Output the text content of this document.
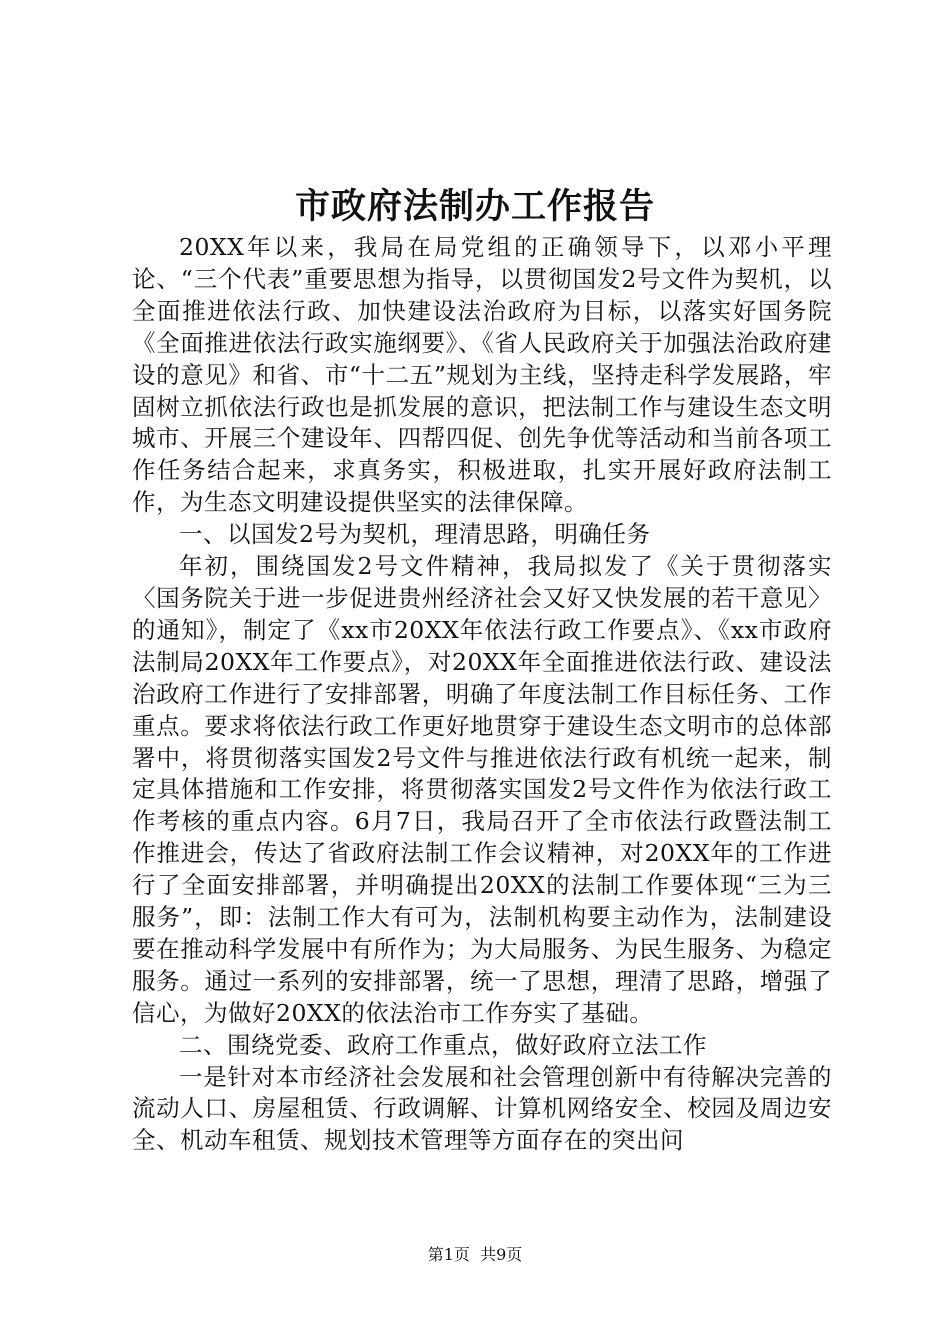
市政府法制办工作报告

20XX年以来，我局在局党组的正确领导下，以邓小平理论、“三个代表”重要思想为指导，以贯彻国发2号文件为契机，以全面推进依法行政、加快建设法治政府为目标，以落实好国务院《全面推进依法行政实施纲要》、《省人民政府关于加强法治政府建设的意见》和省、市“十二五”规划为主线，坚持走科学发展路，牢固树立抓依法行政也是抓发展的意识，把法制工作与建设生态文明城市、开展三个建设年、四帮四促、创先争优等活动和当前各项工作任务结合起来，求真务实，积极进取，扎实开展好政府法制工作，为生态文明建设提供坚实的法律保障。

一、以国发2号为契机，理清思路，明确任务

年初，围绕国发2号文件精神，我局拟发了《关于贯彻落实〈国务院关于进一步促进贵州经济社会又好又快发展的若干意见〉的通知》，制定了《xx市20XX年依法行政工作要点》、《xx市政府法制局20XX年工作要点》，对20XX年全面推进依法行政、建设法治政府工作进行了安排部署，明确了年度法制工作目标任务、工作重点。要求将依法行政工作更好地贯穿于建设生态文明市的总体部署中，将贯彻落实国发2号文件与推进依法行政有机统一起来，制定具体措施和工作安排，将贯彻落实国发2号文件作为依法行政工作考核的重点内容。6月7日，我局召开了全市依法行政暨法制工作推进会，传达了省政府法制工作会议精神，对20XX年的工作进行了全面安排部署，并明确提出20XX的法制工作要体现“三为三服务”，即：法制工作大有可为，法制机构要主动作为，法制建设要在推动科学发展中有所作为；为大局服务、为民生服务、为稳定服务。通过一系列的安排部署，统一了思想，理清了思路，增强了信心，为做好20XX的依法治市工作夯实了基础。

二、围绕党委、政府工作重点，做好政府立法工作

一是针对本市经济社会发展和社会管理创新中有待解决完善的流动人口、房屋租赁、行政调解、计算机网络安全、校园及周边安全、机动车租赁、规划技术管理等方面存在的突出问

第1页 共9页
